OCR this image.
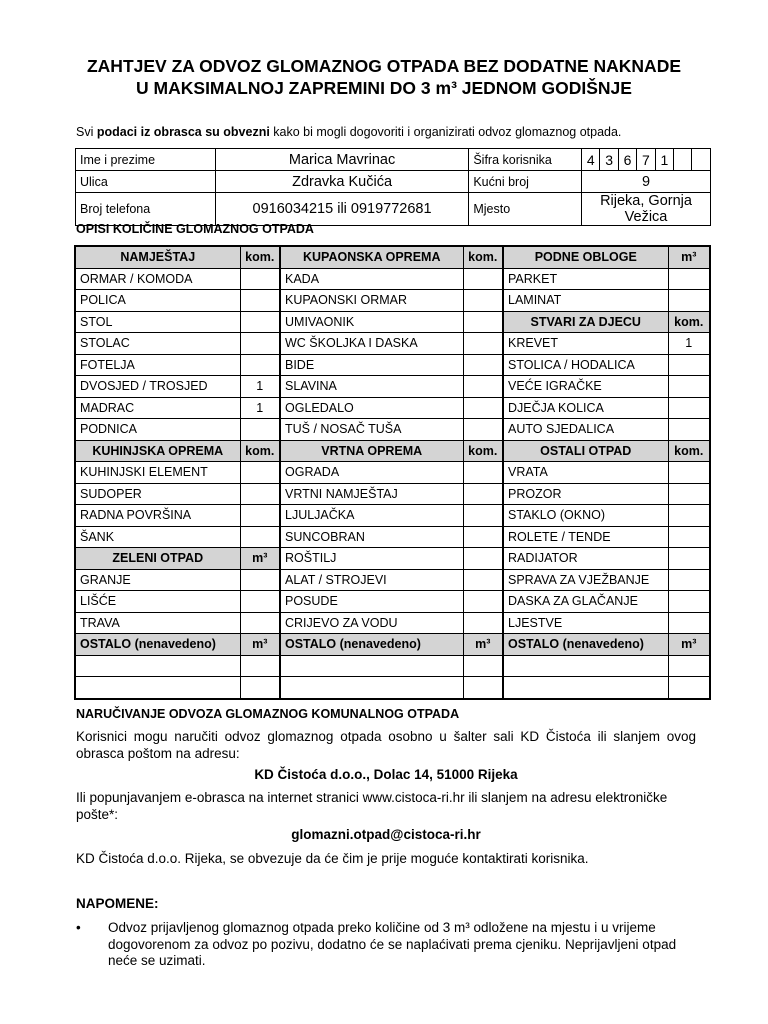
ZAHTJEV ZA ODVOZ GLOMAZNOG OTPADA BEZ DODATNE NAKNADE
U MAKSIMALNOJ ZAPREMINI DO 3 m³ JEDNOM GODIŠNJE
Svi podaci iz obrasca su obvezni kako bi mogli dogovoriti i organizirati odvoz glomaznog otpada.
Ime i prezime	Marica Mavrinac	Šifra korisnika	4	3	6	7	1		
Ulica	Zdravka Kučića	Kućni broj	9						
Broj telefona	0916034215 ili 0919772681	Mjesto	Rijeka, Gornja Vežica						
OPISI KOLIČINE GLOMAZNOG OTPADA
NAMJEŠTAJ	kom.	KUPAONSKA OPREMA	kom.	PODNE OBLOGE	m³
ORMAR / KOMODA		KADA		PARKET	
POLICA		KUPAONSKI ORMAR		LAMINAT	
STOL		UMIVAONIK		STVARI ZA DJECU	kom.
STOLAC		WC ŠKOLJKA I DASKA		KREVET	1
FOTELJA		BIDE		STOLICA / HODALICA	
DVOSJED / TROSJED	1	SLAVINA		VEĆE IGRAČKE	
MADRAC	1	OGLEDALO		DJEČJA KOLICA	
PODNICA		TUŠ / NOSAČ TUŠA		AUTO SJEDALICA	
KUHINJSKA OPREMA	kom.	VRTNA OPREMA	kom.	OSTALI OTPAD	kom.
KUHINJSKI ELEMENT		OGRADA		VRATA	
SUDOPER		VRTNI NAMJEŠTAJ		PROZOR	
RADNA POVRŠINA		LJULJAČKA		STAKLO (OKNO)	
ŠANK		SUNCOBRAN		ROLETE / TENDE	
ZELENI OTPAD	m³	ROŠTILJ		RADIJATOR	
GRANJE		ALAT / STROJEVI		SPRAVA ZA VJEŽBANJE	
LIŠĆE		POSUDE		DASKA ZA GLAČANJE	
TRAVA		CRIJEVO ZA VODU		LJESTVE	
OSTALO (nenavedeno)	m³	OSTALO (nenavedeno)	m³	OSTALO (nenavedeno)	m³

NARUČIVANJE ODVOZA GLOMAZNOG KOMUNALNOG OTPADA
Korisnici mogu naručiti odvoz glomaznog otpada osobno u šalter sali KD Čistoća ili slanjem ovog obrasca poštom na adresu:
KD Čistoća d.o.o., Dolac 14, 51000 Rijeka
Ili popunjavanjem e-obrasca na internet stranici www.cistoca-ri.hr ili slanjem na adresu elektroničke pošte*:
glomazni.otpad@cistoca-ri.hr
KD Čistoća d.o.o. Rijeka, se obvezuje da će čim je prije moguće kontaktirati korisnika.
NAPOMENE:
• Odvoz prijavljenog glomaznog otpada preko količine od 3 m³ odložene na mjestu i u vrijeme dogovorenom za odvoz po pozivu, dodatno će se naplaćivati prema cjeniku. Neprijavljeni otpad neće se uzimati.
